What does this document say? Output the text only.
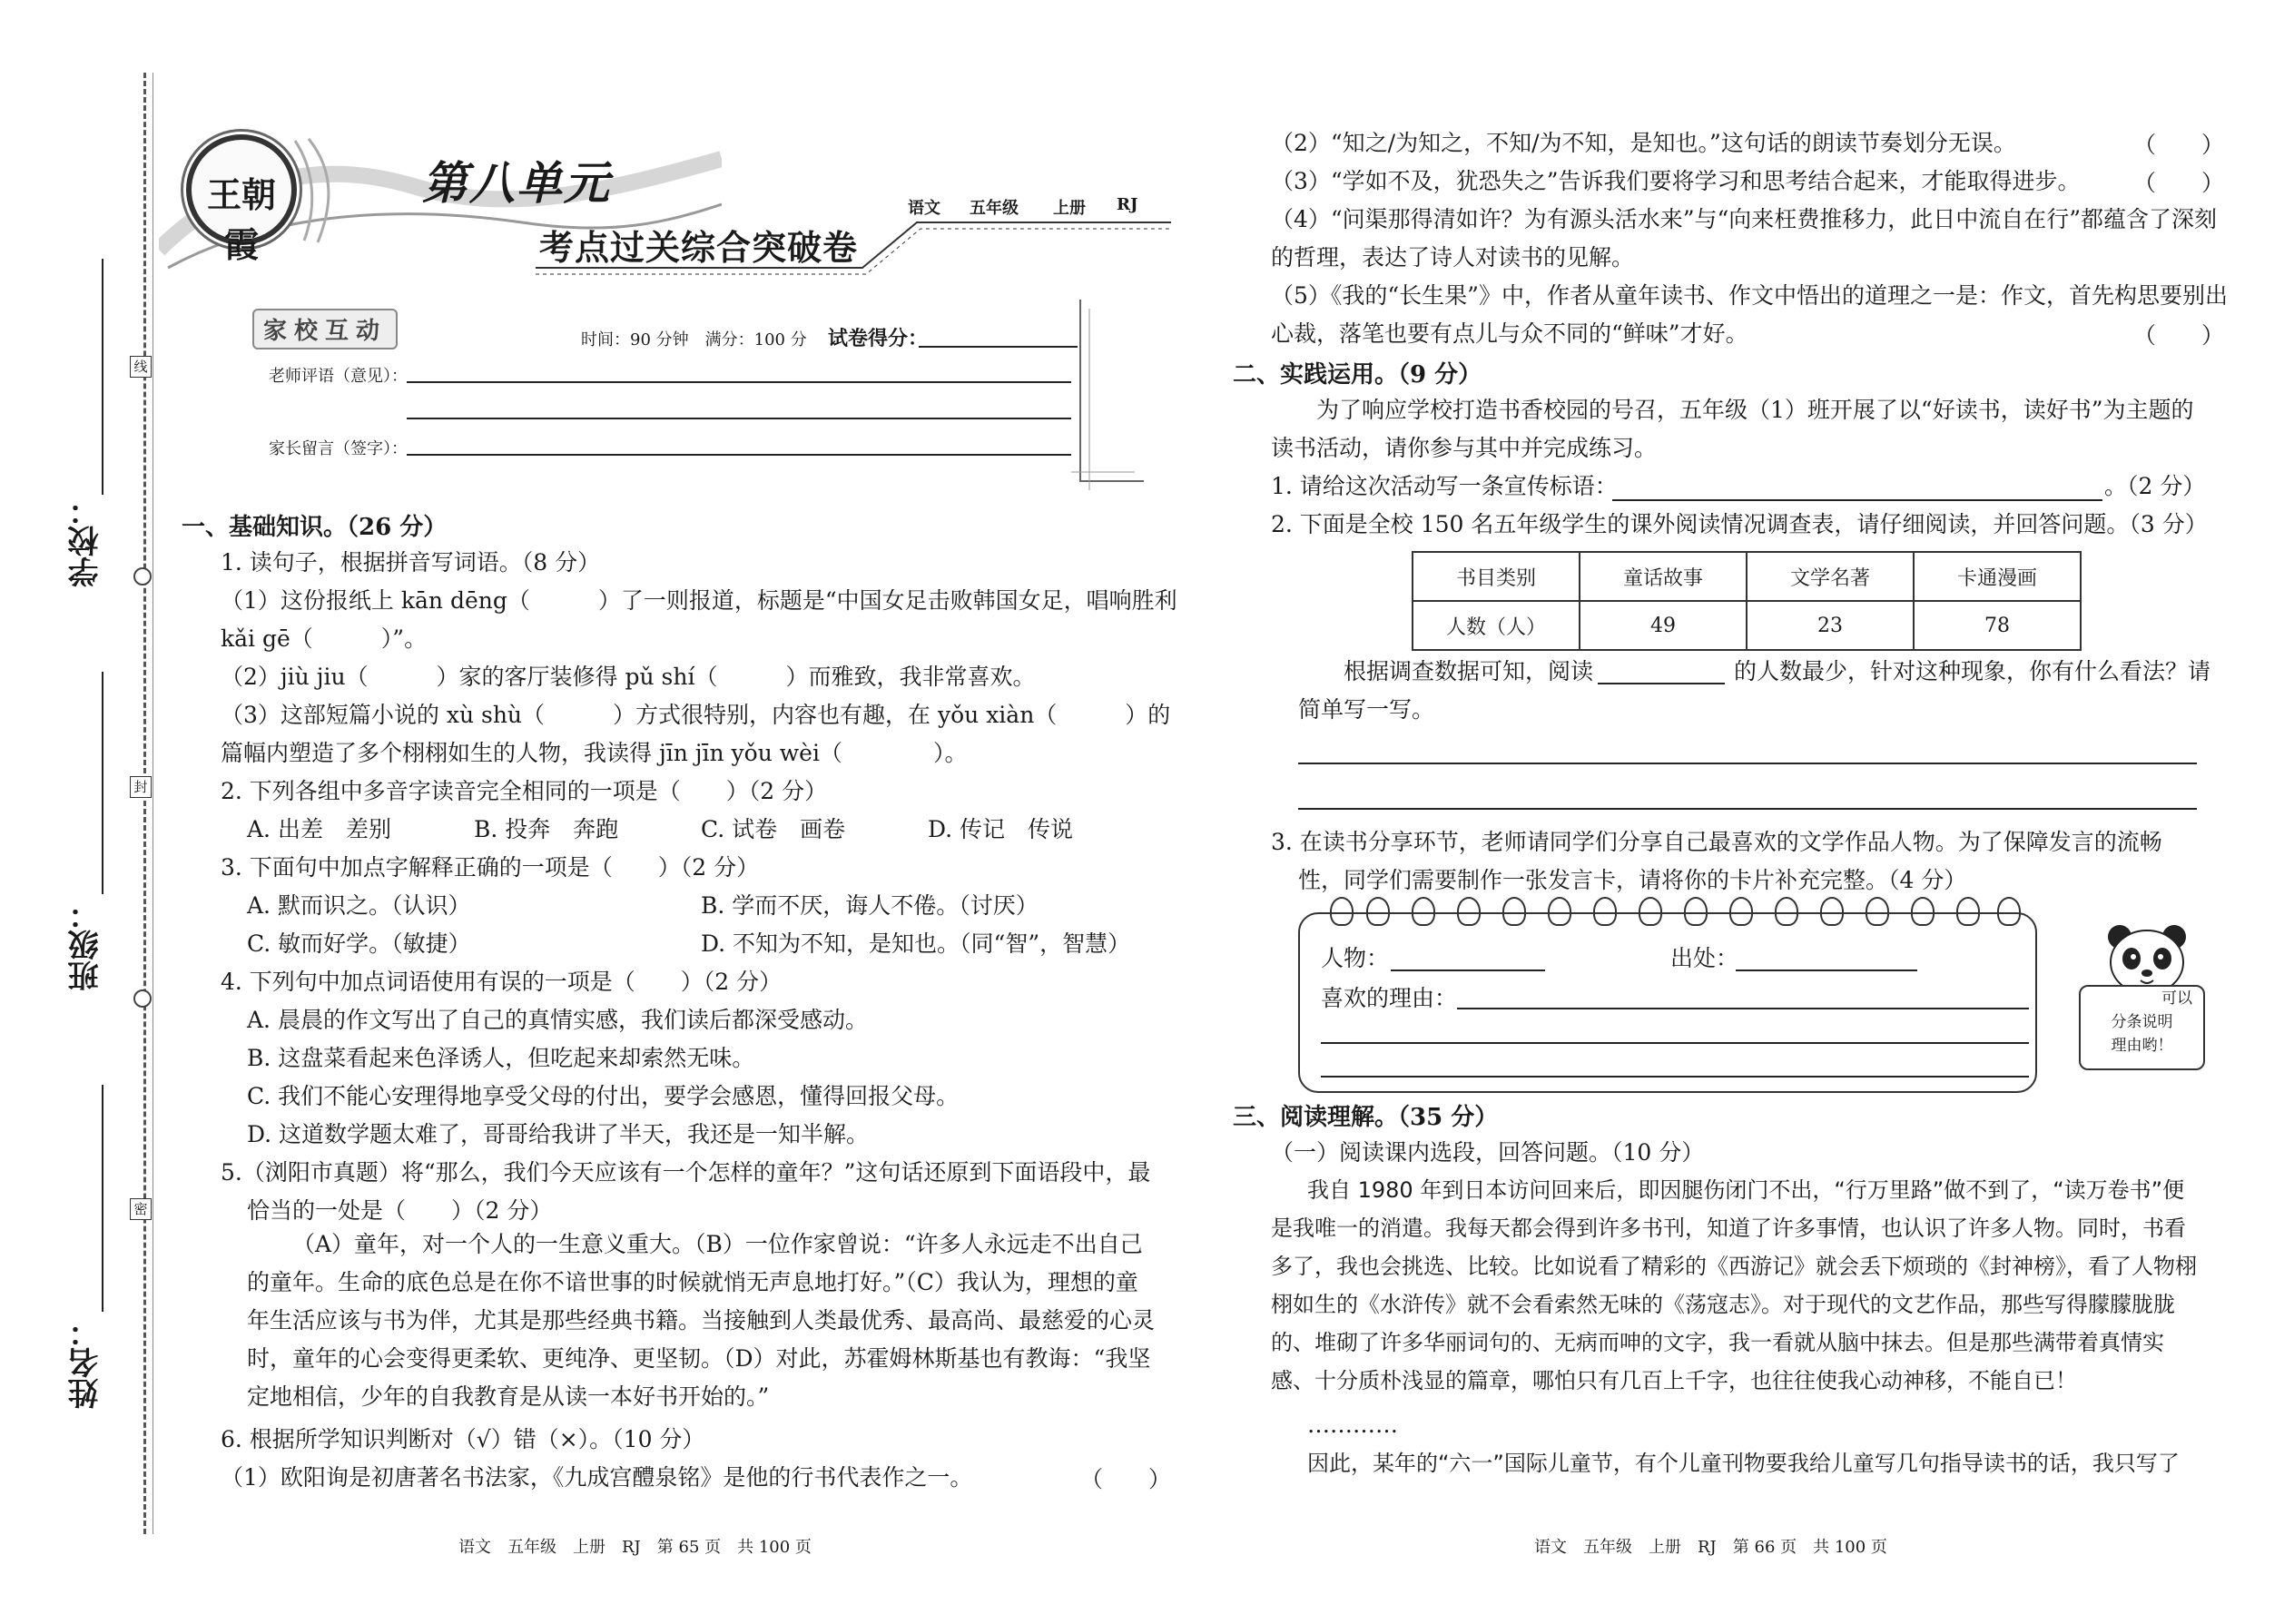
学校：
线
班级：
封
姓名：
密
王朝霞
第八单元
考点过关综合突破卷
语文 五年级 上册 RJ
家校互动	时间：90 分钟　满分：100 分 试卷得分：
老师评语（意见）：
家长留言（签字）：
一、基础知识。（26 分）
1. 读句子，根据拼音写词语。（8 分）
（1）这份报纸上 kān dēng（　　　）了一则报道，标题是“中国女足击败韩国女足，唱响胜利
kǎi gē（　　　）”。
（2）jiù jiu（　　　）家的客厅装修得 pǔ shí（　　　）而雅致，我非常喜欢。
（3）这部短篇小说的 xù shù（　　　）方式很特别，内容也有趣，在 yǒu xiàn（　　　）的
篇幅内塑造了多个栩栩如生的人物，我读得 jīn jīn yǒu wèi（　　　　）。
2. 下列各组中多音字读音完全相同的一项是（　　）（2 分）
A. 出差　差别	B. 投奔　奔跑	C. 试卷　画卷	D. 传记　传说
3. 下面句中加点字解释正确的一项是（　　）（2 分）
A. 默而识之。（认识）	B. 学而不厌，诲人不倦。（讨厌）
C. 敏而好学。（敏捷）	D. 不知为不知，是知也。（同“智”，智慧）
4. 下列句中加点词语使用有误的一项是（　　）（2 分）
A. 晨晨的作文写出了自己的真情实感，我们读后都深受感动。
B. 这盘菜看起来色泽诱人，但吃起来却索然无味。
C. 我们不能心安理得地享受父母的付出，要学会感恩，懂得回报父母。
D. 这道数学题太难了，哥哥给我讲了半天，我还是一知半解。
5.（浏阳市真题）将“那么，我们今天应该有一个怎样的童年？”这句话还原到下面语段中，最
恰当的一处是（　　）（2 分）
（A）童年，对一个人的一生意义重大。（B）一位作家曾说：“许多人永远走不出自己的童年。生命的底色总是在你不谙世事的时候就悄无声息地打好。”（C）我认为，理想的童年生活应该与书为伴，尤其是那些经典书籍。当接触到人类最优秀、最高尚、最慈爱的心灵时，童年的心会变得更柔软、更纯净、更坚韧。（D）对此，苏霍姆林斯基也有教诲：“我坚定地相信，少年的自我教育是从读一本好书开始的。”
6. 根据所学知识判断对（√）错（×）。（10 分）
（1）欧阳询是初唐著名书法家，《九成宫醴泉铭》是他的行书代表作之一。	（　　）
（2）“知之/为知之，不知/为不知，是知也。”这句话的朗读节奏划分无误。	（　　）
（3）“学如不及，犹恐失之”告诉我们要将学习和思考结合起来，才能取得进步。 （　　）
（4）“问渠那得清如许？为有源头活水来”与“向来枉费推移力，此日中流自在行”都蕴含了深刻
的哲理，表达了诗人对读书的见解。
（5）《我的“长生果”》中，作者从童年读书、作文中悟出的道理之一是：作文，首先构思要别出
心裁，落笔也要有点儿与众不同的“鲜味”才好。	（　　）
二、实践运用。（9 分）
为了响应学校打造书香校园的号召，五年级（1）班开展了以“好读书，读好书”为主题的
读书活动，请你参与其中并完成练习。
1. 请给这次活动写一条宣传标语：	。（2 分）
2. 下面是全校 150 名五年级学生的课外阅读情况调查表，请仔细阅读，并回答问题。（3 分）
书目类别	童话故事	文学名著	卡通漫画
人数（人）	49	23	78
根据调查数据可知，阅读	的人数最少，针对这种现象，你有什么看法？请
简单写一写。
3. 在读书分享环节，老师请同学们分享自己最喜欢的文学作品人物。为了保障发言的流畅
性，同学们需要制作一张发言卡，请将你的卡片补充完整。（4 分）
人物：	出处：
喜欢的理由：	可以
分条说明
理由哟！
三、阅读理解。（35 分）
（一）阅读课内选段，回答问题。（10 分）
我自 1980 年到日本访问回来后，即因腿伤闭门不出，“行万里路”做不到了，“读万卷书”便是我唯一的消遣。我每天都会得到许多书刊，知道了许多事情，也认识了许多人物。同时，书看多了，我也会挑选、比较。比如说看了精彩的《西游记》就会丢下烦琐的《封神榜》，看了人物栩栩如生的《水浒传》就不会看索然无味的《荡寇志》。对于现代的文艺作品，那些写得朦朦胧胧的、堆砌了许多华丽词句的、无病而呻的文字，我一看就从脑中抹去。但是那些满带着真情实感、十分质朴浅显的篇章，哪怕只有几百上千字，也往往使我心动神移，不能自已！
…………
因此，某年的“六一”国际儿童节，有个儿童刊物要我给儿童写几句指导读书的话，我只写了
语文　五年级　上册　RJ　第 65 页　共 100 页	语文　五年级　上册　RJ　第 66 页　共 100 页
